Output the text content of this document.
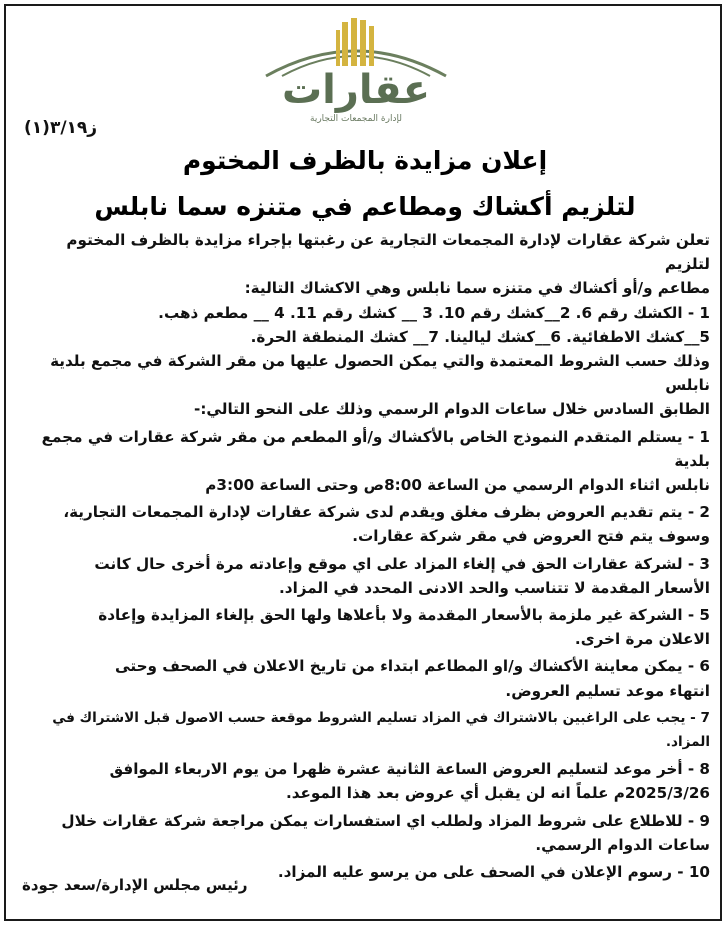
عقارات
لإدارة المجمعات التجارية
ز٣/١٩(١)
إعلان مزايدة بالظرف المختوم
لتلزيم أكشاك ومطاعم في متنزه سما نابلس

تعلن شركة عقارات لإدارة المجمعات التجارية عن رغبتها بإجراء مزايدة بالظرف المختوم لتلزيم

مطاعم و/أو أكشاك في متنزه سما نابلس وهي الاكشاك التالية:

1 - الكشك رقم 6. 2__كشك رقم 10. 3 __ كشك رقم 11. 4 __ مطعم ذهب.

5__كشك الاطفائية. 6__كشك ليالينا. 7__ كشك المنطقة الحرة.

وذلك حسب الشروط المعتمدة والتي يمكن الحصول عليها من مقر الشركة في مجمع بلدية نابلس

الطابق السادس خلال ساعات الدوام الرسمي وذلك على النحو التالي:-

1 - يستلم المتقدم النموذج الخاص بالأكشاك و/أو المطعم من مقر شركة عقارات في مجمع بلدية

نابلس اثناء الدوام الرسمي من الساعة 8:00ص وحتى الساعة 3:00م

2 - يتم تقديم العروض بظرف مغلق ويقدم لدى شركة عقارات لإدارة المجمعات التجارية،

وسوف يتم فتح العروض في مقر شركة عقارات.

3 - لشركة عقارات الحق في إلغاء المزاد على اي موقع وإعادته مرة أخرى حال كانت

الأسعار المقدمة لا تتناسب والحد الادنى المحدد في المزاد.

5 - الشركة غير ملزمة بالأسعار المقدمة ولا بأعلاها ولها الحق بإلغاء المزايدة وإعادة

الاعلان مرة اخرى.

6 - يمكن معاينة الأكشاك و/او المطاعم ابتداء من تاريخ الاعلان في الصحف وحتى

انتهاء موعد تسليم العروض.

7 - يجب على الراغبين بالاشتراك في المزاد تسليم الشروط موقعة حسب الاصول قبل الاشتراك في المزاد.

8 - أخر موعد لتسليم العروض الساعة الثانية عشرة ظهرا من يوم الاربعاء الموافق

2025/3/26م علماً انه لن يقبل أي عروض بعد هذا الموعد.

9 - للاطلاع على شروط المزاد ولطلب اي استفسارات يمكن مراجعة شركة عقارات خلال

ساعات الدوام الرسمي.

10 - رسوم الإعلان في الصحف على من يرسو عليه المزاد.

رئيس مجلس الإدارة/سعد جودة
